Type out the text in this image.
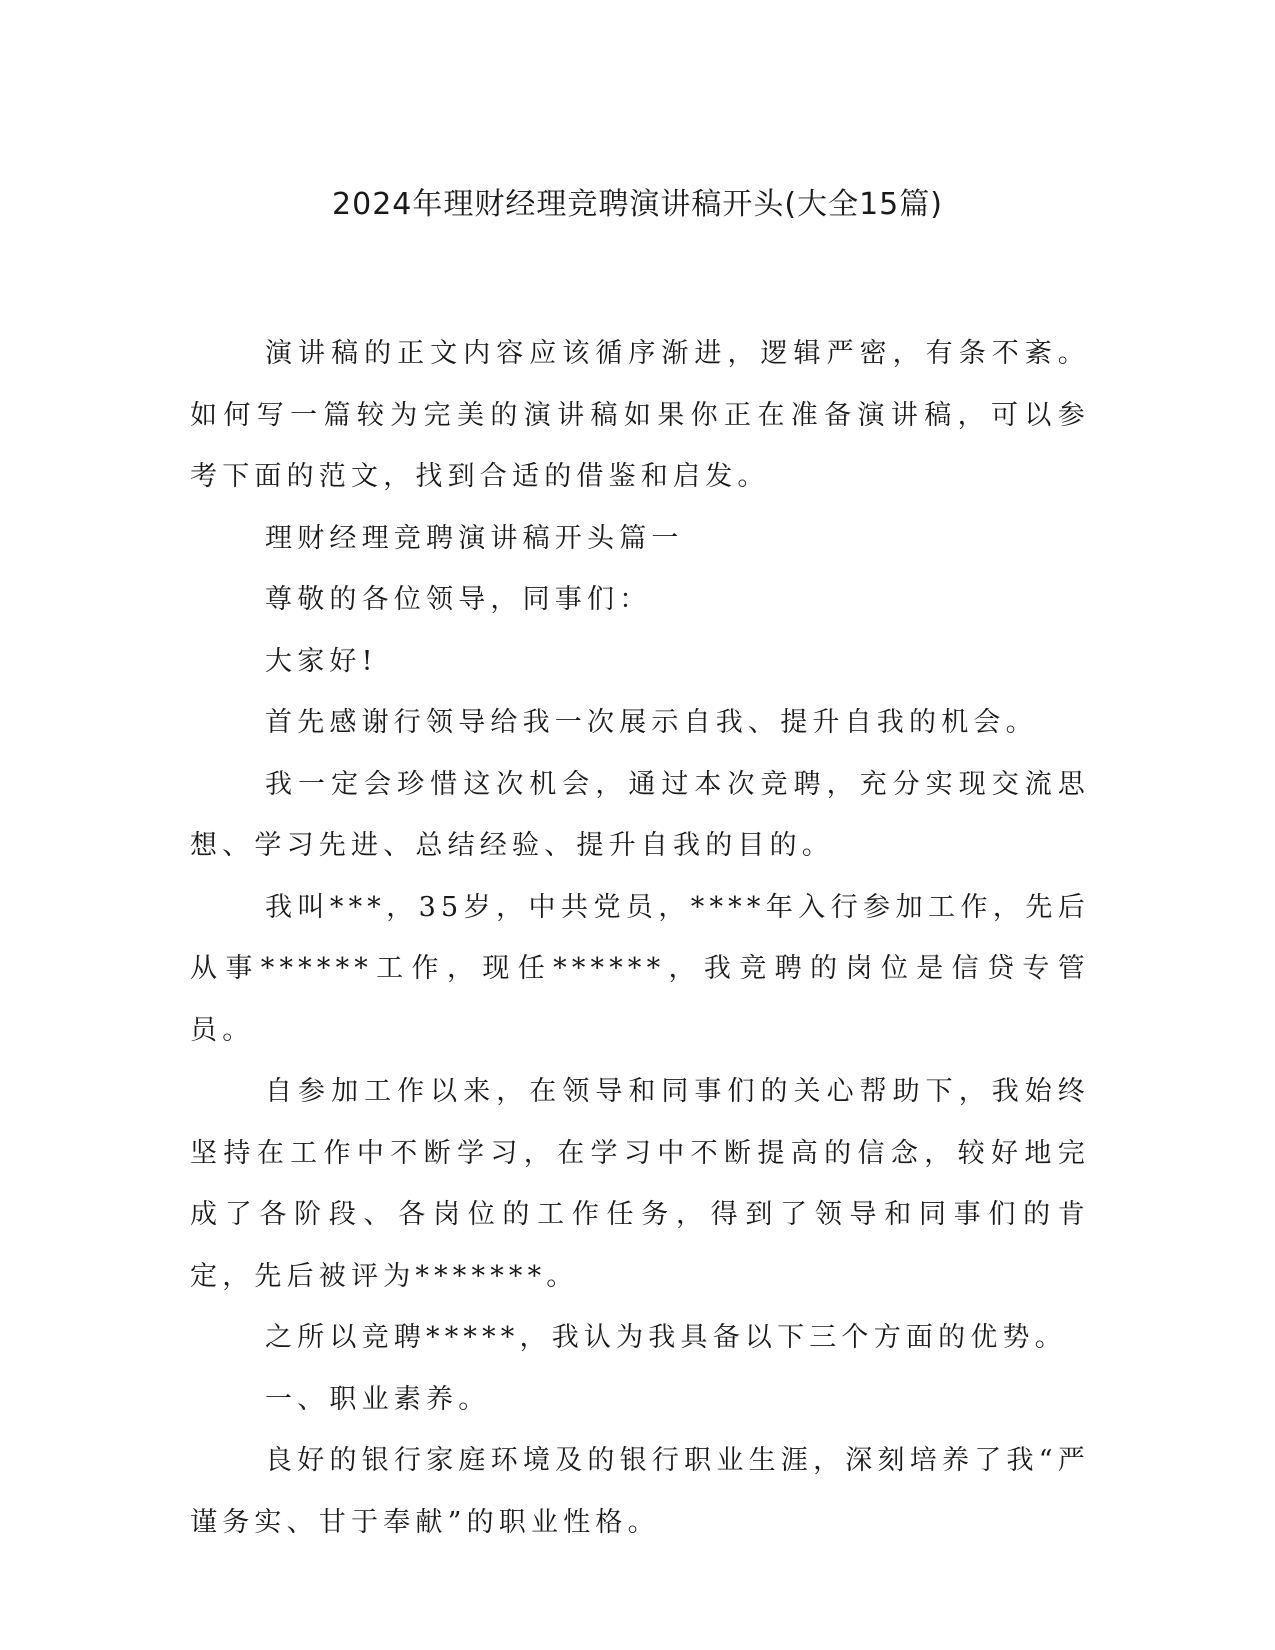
2024年理财经理竞聘演讲稿开头(大全15篇)

演讲稿的正文内容应该循序渐进，逻辑严密，有条不紊。如何写一篇较为完美的演讲稿如果你正在准备演讲稿，可以参考下面的范文，找到合适的借鉴和启发。

理财经理竞聘演讲稿开头篇一

尊敬的各位领导，同事们：

大家好!

首先感谢行领导给我一次展示自我、提升自我的机会。

我一定会珍惜这次机会，通过本次竞聘，充分实现交流思想、学习先进、总结经验、提升自我的目的。

我叫***，35岁，中共党员，****年入行参加工作，先后从事******工作，现任******，我竞聘的岗位是信贷专管员。

自参加工作以来，在领导和同事们的关心帮助下，我始终坚持在工作中不断学习，在学习中不断提高的信念，较好地完成了各阶段、各岗位的工作任务，得到了领导和同事们的肯定，先后被评为*******。

之所以竞聘*****，我认为我具备以下三个方面的优势。

一、职业素养。

良好的银行家庭环境及的银行职业生涯，深刻培养了我“严谨务实、甘于奉献”的职业性格。
